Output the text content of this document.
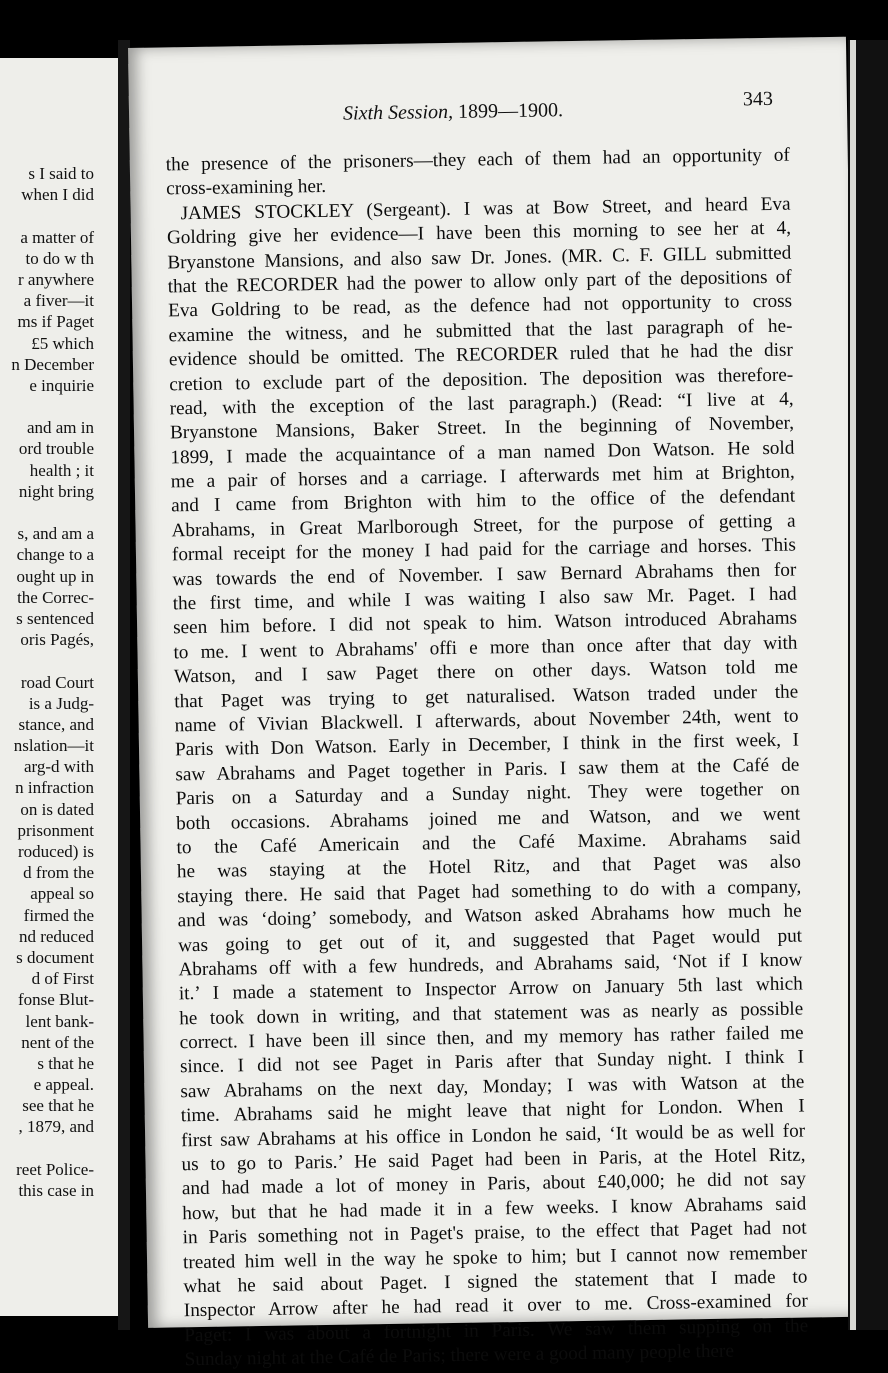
s I said to
when I did
a matter of
to do w th
r anywhere
a fiver—it
ms if Paget
£5 which
n December
e inquirie
and am in
ord trouble
health ; it
night bring
s, and am a
change to a
ought up in
the Correc-
s sentenced
oris Pagés,
road Court
is a Judg-
stance, and
nslation—it
arg-d with
n infraction
on is dated
prisonment
roduced) is
d from the
appeal so
firmed the
nd reduced
s document
d of First
fonse Blut-
lent bank-
nent of the
s that he
e appeal.
see that he
, 1879, and
reet Police-
this case in
Sixth Session, 1899—1900.
343
the presence of the prisoners—they each of them had an opportunity of
cross-examining her.
JAMES STOCKLEY (Sergeant). I was at Bow Street, and heard Eva
Goldring give her evidence—I have been this morning to see her at 4,
Bryanstone Mansions, and also saw Dr. Jones. (MR. C. F. GILL submitted
that the RECORDER had the power to allow only part of the depositions of
Eva Goldring to be read, as the defence had not opportunity to cross
examine the witness, and he submitted that the last paragraph of he-
evidence should be omitted. The RECORDER ruled that he had the disr
cretion to exclude part of the deposition. The deposition was therefore-
read, with the exception of the last paragraph.) (Read: “I live at 4,
Bryanstone Mansions, Baker Street. In the beginning of November,
1899, I made the acquaintance of a man named Don Watson. He sold
me a pair of horses and a carriage. I afterwards met him at Brighton,
and I came from Brighton with him to the office of the defendant
Abrahams, in Great Marlborough Street, for the purpose of getting a
formal receipt for the money I had paid for the carriage and horses. This
was towards the end of November. I saw Bernard Abrahams then for
the first time, and while I was waiting I also saw Mr. Paget. I had
seen him before. I did not speak to him. Watson introduced Abrahams
to me. I went to Abrahams' offi e more than once after that day with
Watson, and I saw Paget there on other days. Watson told me
that Paget was trying to get naturalised. Watson traded under the
name of Vivian Blackwell. I afterwards, about November 24th, went to
Paris with Don Watson. Early in December, I think in the first week, I
saw Abrahams and Paget together in Paris. I saw them at the Café de
Paris on a Saturday and a Sunday night. They were together on
both occasions. Abrahams joined me and Watson, and we went
to the Café Americain and the Café Maxime. Abrahams said
he was staying at the Hotel Ritz, and that Paget was also
staying there. He said that Paget had something to do with a company,
and was ‘doing’ somebody, and Watson asked Abrahams how much he
was going to get out of it, and suggested that Paget would put
Abrahams off with a few hundreds, and Abrahams said, ‘Not if I know
it.’ I made a statement to Inspector Arrow on January 5th last which
he took down in writing, and that statement was as nearly as possible
correct. I have been ill since then, and my memory has rather failed me
since. I did not see Paget in Paris after that Sunday night. I think I
saw Abrahams on the next day, Monday; I was with Watson at the
time. Abrahams said he might leave that night for London. When I
first saw Abrahams at his office in London he said, ‘It would be as well for
us to go to Paris.’ He said Paget had been in Paris, at the Hotel Ritz,
and had made a lot of money in Paris, about £40,000; he did not say
how, but that he had made it in a few weeks. I know Abrahams said
in Paris something not in Paget's praise, to the effect that Paget had not
treated him well in the way he spoke to him; but I cannot now remember
what he said about Paget. I signed the statement that I made to
Inspector Arrow after he had read it over to me. Cross-examined for
Paget: I was about a fortnight in Paris. We saw them supping on the
Sunday night at the Café de Paris; there were a good many people there
